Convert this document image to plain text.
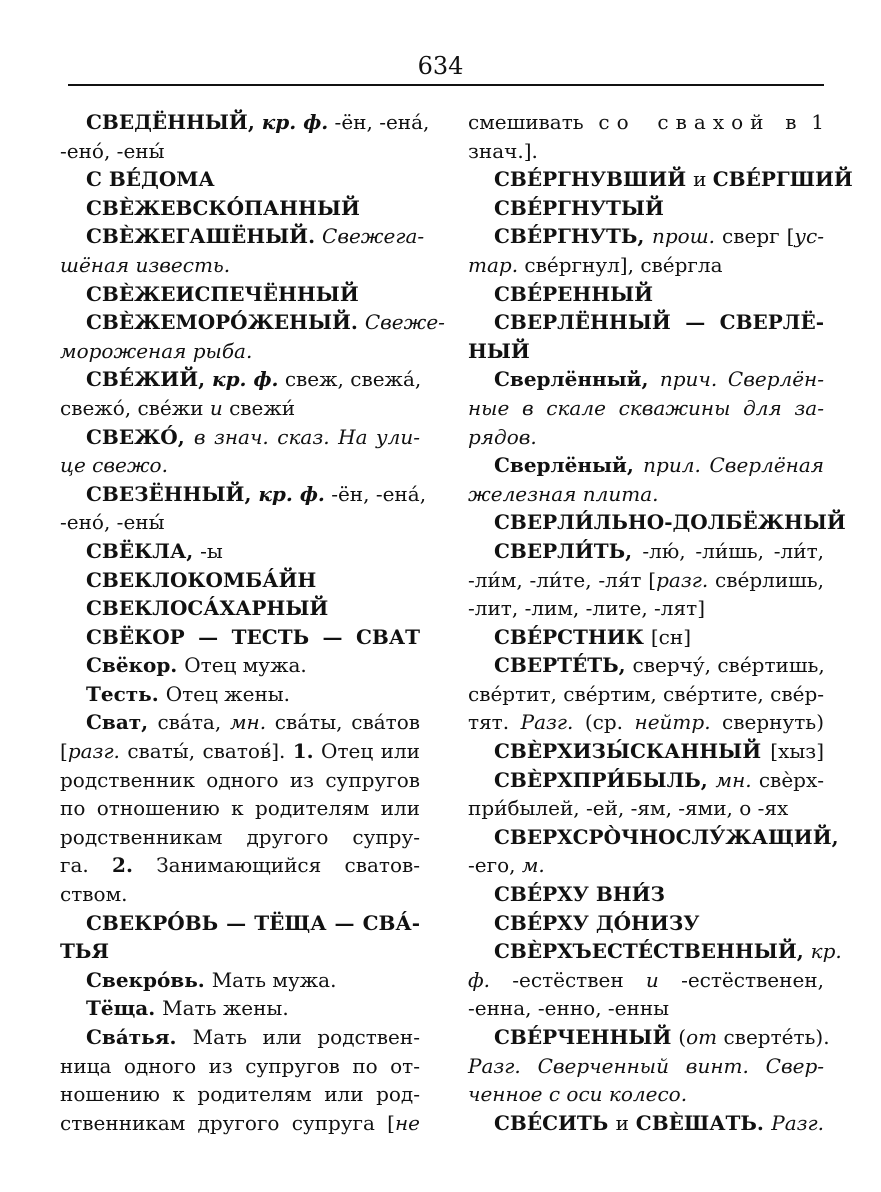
634
СВЕДЁННЫЙ, кр. ф. -ён, -ена́,
-ено́, -ены́
С ВЕ́ДОМА
СВЀЖЕВСКО́ПАННЫЙ
СВЀЖЕГАШЁНЫЙ. Свежега-
шёная известь.
СВЀЖЕИСПЕЧЁННЫЙ
СВЀЖЕМОРО́ЖЕНЫЙ. Свеже-
мороженая рыба.
СВЕ́ЖИЙ, кр. ф. свеж, свежа́,
свежо́, све́жи и свежи́
СВЕЖО́, в знач. сказ. На ули-
це свежо.
СВЕЗЁННЫЙ, кр. ф. -ён, -ена́,
-ено́, -ены́
СВЁКЛА, -ы
СВЕКЛОКОМБА́ЙН
СВЕКЛОСА́ХАРНЫЙ
СВЁКОР — ТЕСТЬ — СВАТ
Свёкор. Отец мужа.
Тесть. Отец жены.
Сват, сва́та, мн. сва́ты, сва́тов
[разг. сваты́, сватов́]. 1. Отец или
родственник одного из супругов
по отношению к родителям или
родственникам другого супру-
га. 2. Занимающийся сватов-
ством.
СВЕКРО́ВЬ — ТЁЩА — СВА́-
ТЬЯ
Свекро́вь. Мать мужа.
Тёща. Мать жены.
Сва́тья. Мать или родствен-
ница одного из супругов по от-
ношению к родителям или род-
ственникам другого супруга [не
смешивать со свахой в 1
знач.].
СВЕ́РГНУВШИЙ и СВЕ́РГШИЙ
СВЕ́РГНУТЫЙ
СВЕ́РГНУТЬ, прош. сверг [ус-
тар. све́ргнул], све́ргла
СВЕ́РЕННЫЙ
СВЕРЛЁННЫЙ — СВЕРЛЁ-
НЫЙ
Сверлённый, прич. Сверлён-
ные в скале скважины для за-
рядов.
Сверлёный, прил. Сверлёная
железная плита.
СВЕРЛИ́ЛЬНО-ДОЛБЁЖНЫЙ
СВЕРЛИ́ТЬ, -лю́, -ли́шь, -ли́т,
-ли́м, -ли́те, -ля́т [разг. све́рлишь,
-лит, -лим, -лите, -лят]
СВЕ́РСТНИК [сн]
СВЕРТЕ́ТЬ, сверчу́, све́ртишь,
све́ртит, све́ртим, све́ртите, све́р-
тят. Разг. (ср. нейтр. свернуть)
СВЀРХИЗЫ́СКАННЫЙ [хыз]
СВЀРХПРИ́БЫЛЬ, мн. свѐрх-
при́былей, -ей, -ям, -ями, о -ях
СВЕРХСРО̀ЧНОСЛУ́ЖАЩИЙ,
-его, м.
СВЕ́РХУ ВНИ́З
СВЕ́РХУ ДО́НИЗУ
СВЀРХЪЕСТЕ́СТВЕННЫЙ, кр.
ф. -естёствен и -естёственен,
-енна, -енно, -енны
СВЕ́РЧЕННЫЙ (от свертéть).
Разг. Сверченный винт. Свер-
ченное с оси колесо.
СВЕ́СИТЬ и СВЀШАТЬ. Разг.
